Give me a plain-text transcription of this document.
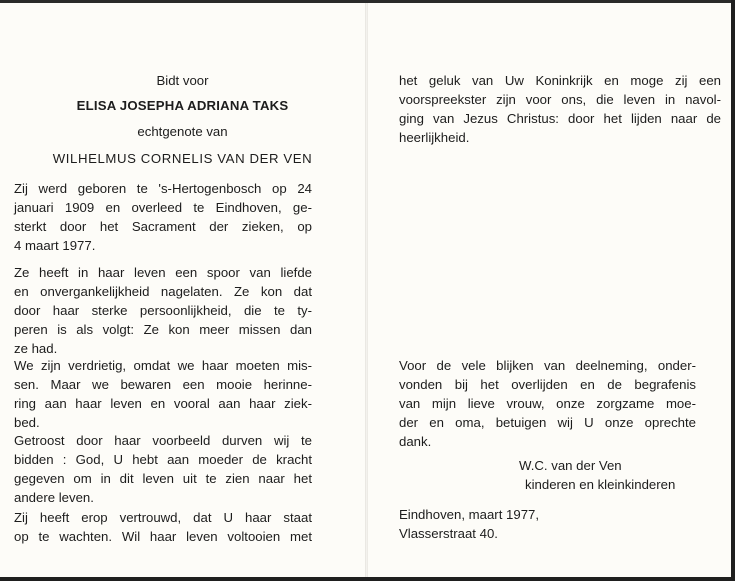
Bidt voor
ELISA JOSEPHA ADRIANA TAKS
echtgenote van
WILHELMUS CORNELIS VAN DER VEN
Zij werd geboren te 's-Hertogenbosch op 24
januari 1909 en overleed te Eindhoven, ge-
sterkt door het Sacrament der zieken, op
4 maart 1977.
Ze heeft in haar leven een spoor van liefde
en onvergankelijkheid nagelaten. Ze kon dat
door haar sterke persoonlijkheid, die te ty-
peren is als volgt: Ze kon meer missen dan
ze had.
We zijn verdrietig, omdat we haar moeten mis-
sen. Maar we bewaren een mooie herinne-
ring aan haar leven en vooral aan haar ziek-
bed.
Getroost door haar voorbeeld durven wij te
bidden : God, U hebt aan moeder de kracht
gegeven om in dit leven uit te zien naar het
andere leven.
Zij heeft erop vertrouwd, dat U haar staat
op te wachten. Wil haar leven voltooien met
het geluk van Uw Koninkrijk en moge zij een
voorspreekster zijn voor ons, die leven in navol-
ging van Jezus Christus: door het lijden naar de
heerlijkheid.
Voor de vele blijken van deelneming, onder-
vonden bij het overlijden en de begrafenis
van mijn lieve vrouw, onze zorgzame moe-
der en oma, betuigen wij U onze oprechte
dank.
W.C. van der Ven
kinderen en kleinkinderen
Eindhoven, maart 1977,
Vlasserstraat 40.
